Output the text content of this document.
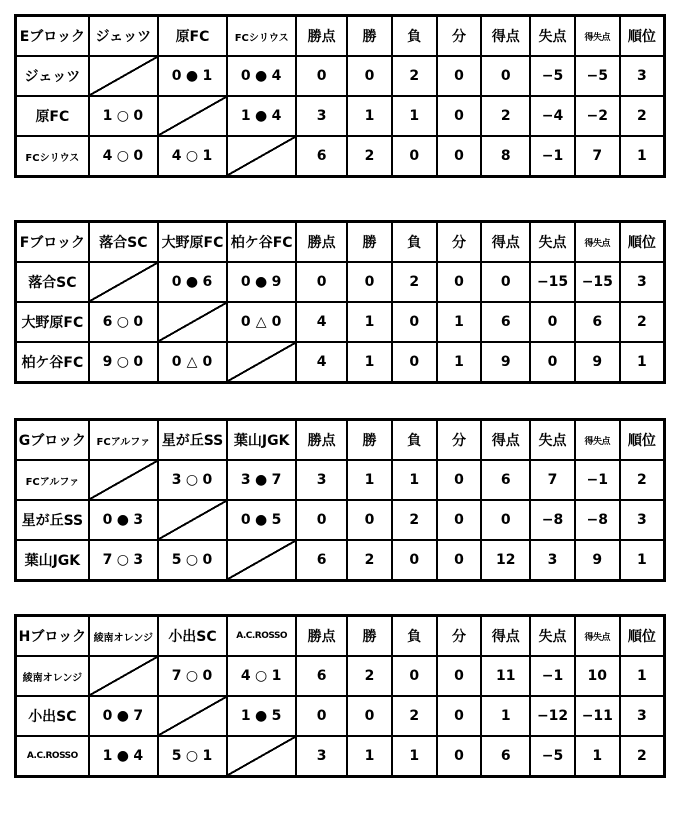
Eブロック	ジェッツ	原FC	FCシリウス	勝点	勝	負	分	得点	失点	得失点	順位
ジェッツ		0 ● 1	0 ● 4	0	0	2	0	0	−5	−5	3
原FC	1 ○ 0		1 ● 4	3	1	1	0	2	−4	−2	2
FCシリウス	4 ○ 0	4 ○ 1		6	2	0	0	8	−1	7	1
Fブロック	落合SC	大野原FC	柏ケ谷FC	勝点	勝	負	分	得点	失点	得失点	順位
落合SC		0 ● 6	0 ● 9	0	0	2	0	0	−15	−15	3
大野原FC	6 ○ 0		0 △ 0	4	1	0	1	6	0	6	2
柏ケ谷FC	9 ○ 0	0 △ 0		4	1	0	1	9	0	9	1
Gブロック	FCアルファ	星が丘SS	葉山JGK	勝点	勝	負	分	得点	失点	得失点	順位
FCアルファ		3 ○ 0	3 ● 7	3	1	1	0	6	7	−1	2
星が丘SS	0 ● 3		0 ● 5	0	0	2	0	0	−8	−8	3
葉山JGK	7 ○ 3	5 ○ 0		6	2	0	0	12	3	9	1
Hブロック	綾南オレンジ	小出SC	A.C.ROSSO	勝点	勝	負	分	得点	失点	得失点	順位
綾南オレンジ		7 ○ 0	4 ○ 1	6	2	0	0	11	−1	10	1
小出SC	0 ● 7		1 ● 5	0	0	2	0	1	−12	−11	3
A.C.ROSSO	1 ● 4	5 ○ 1		3	1	1	0	6	−5	1	2
